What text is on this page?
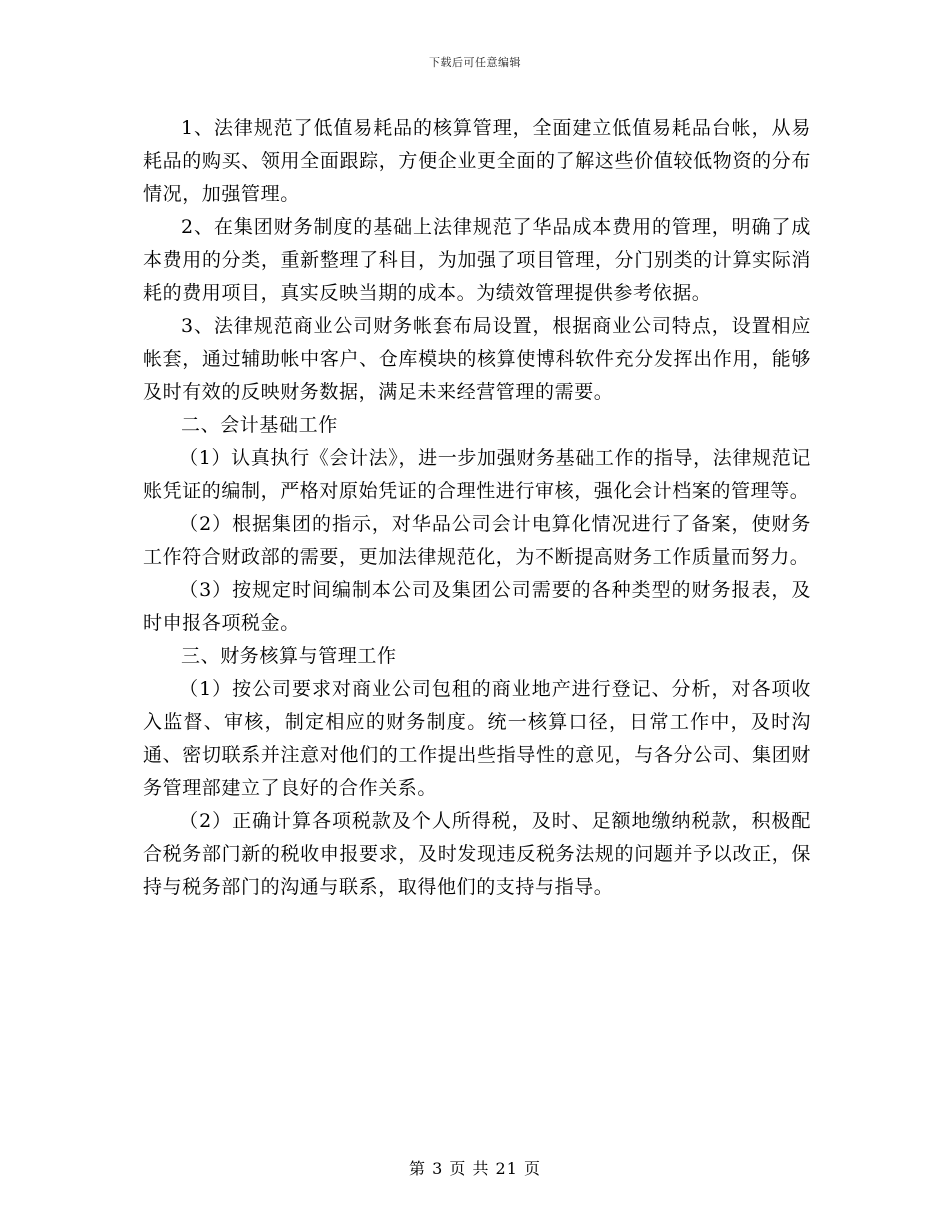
下载后可任意编辑

1、法律规范了低值易耗品的核算管理，全面建立低值易耗品台帐，从易耗品的购买、领用全面跟踪，方便企业更全面的了解这些价值较低物资的分布情况，加强管理。

2、在集团财务制度的基础上法律规范了华品成本费用的管理，明确了成本费用的分类，重新整理了科目，为加强了项目管理，分门别类的计算实际消耗的费用项目，真实反映当期的成本。为绩效管理提供参考依据。

3、法律规范商业公司财务帐套布局设置，根据商业公司特点，设置相应帐套，通过辅助帐中客户、仓库模块的核算使博科软件充分发挥出作用，能够及时有效的反映财务数据，满足未来经营管理的需要。

二、会计基础工作

（1）认真执行《会计法》，进一步加强财务基础工作的指导，法律规范记账凭证的编制，严格对原始凭证的合理性进行审核，强化会计档案的管理等。

（2）根据集团的指示，对华品公司会计电算化情况进行了备案，使财务工作符合财政部的需要，更加法律规范化，为不断提高财务工作质量而努力。

（3）按规定时间编制本公司及集团公司需要的各种类型的财务报表，及时申报各项税金。

三、财务核算与管理工作

（1）按公司要求对商业公司包租的商业地产进行登记、分析，对各项收入监督、审核，制定相应的财务制度。统一核算口径，日常工作中，及时沟通、密切联系并注意对他们的工作提出些指导性的意见，与各分公司、集团财务管理部建立了良好的合作关系。

（2）正确计算各项税款及个人所得税，及时、足额地缴纳税款，积极配合税务部门新的税收申报要求，及时发现违反税务法规的问题并予以改正，保持与税务部门的沟通与联系，取得他们的支持与指导。

第 3 页 共 21 页
